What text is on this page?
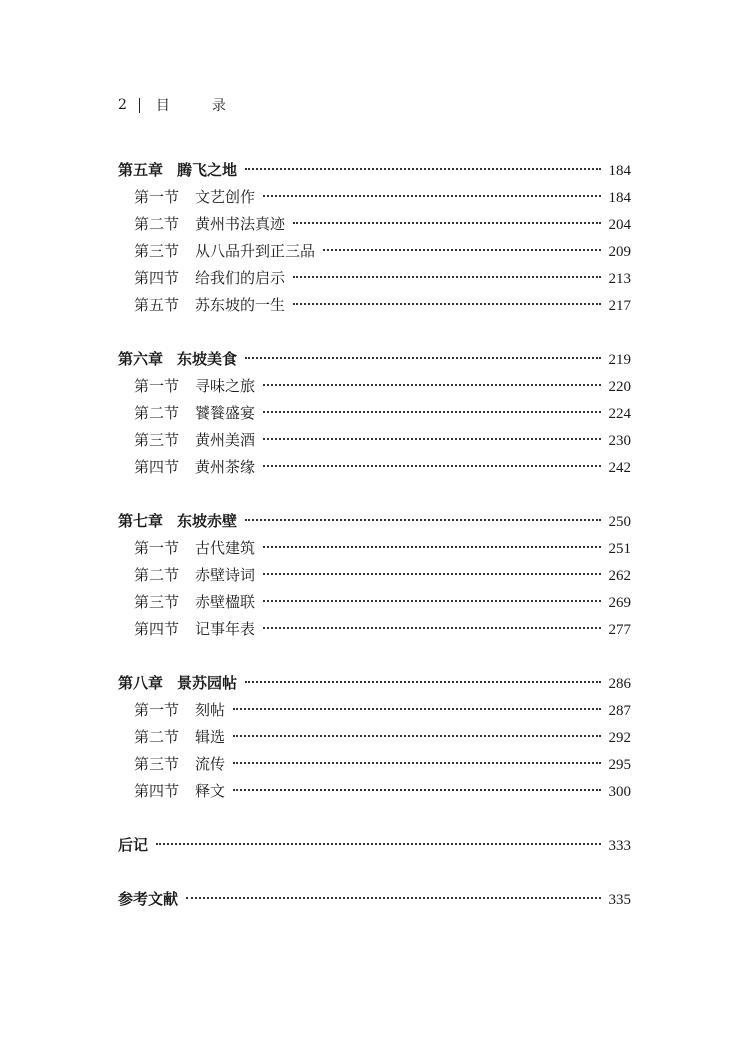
2 目　录
第五章 腾飞之地	184
第一节 文艺创作	184
第二节 黄州书法真迹	204
第三节 从八品升到正三品	209
第四节 给我们的启示	213
第五节 苏东坡的一生	217
第六章 东坡美食	219
第一节 寻味之旅	220
第二节 饕餮盛宴	224
第三节 黄州美酒	230
第四节 黄州茶缘	242
第七章 东坡赤壁	250
第一节 古代建筑	251
第二节 赤壁诗词	262
第三节 赤壁楹联	269
第四节 记事年表	277
第八章 景苏园帖	286
第一节 刻帖	287
第二节 辑选	292
第三节 流传	295
第四节 释文	300
后记	333
参考文献	335
